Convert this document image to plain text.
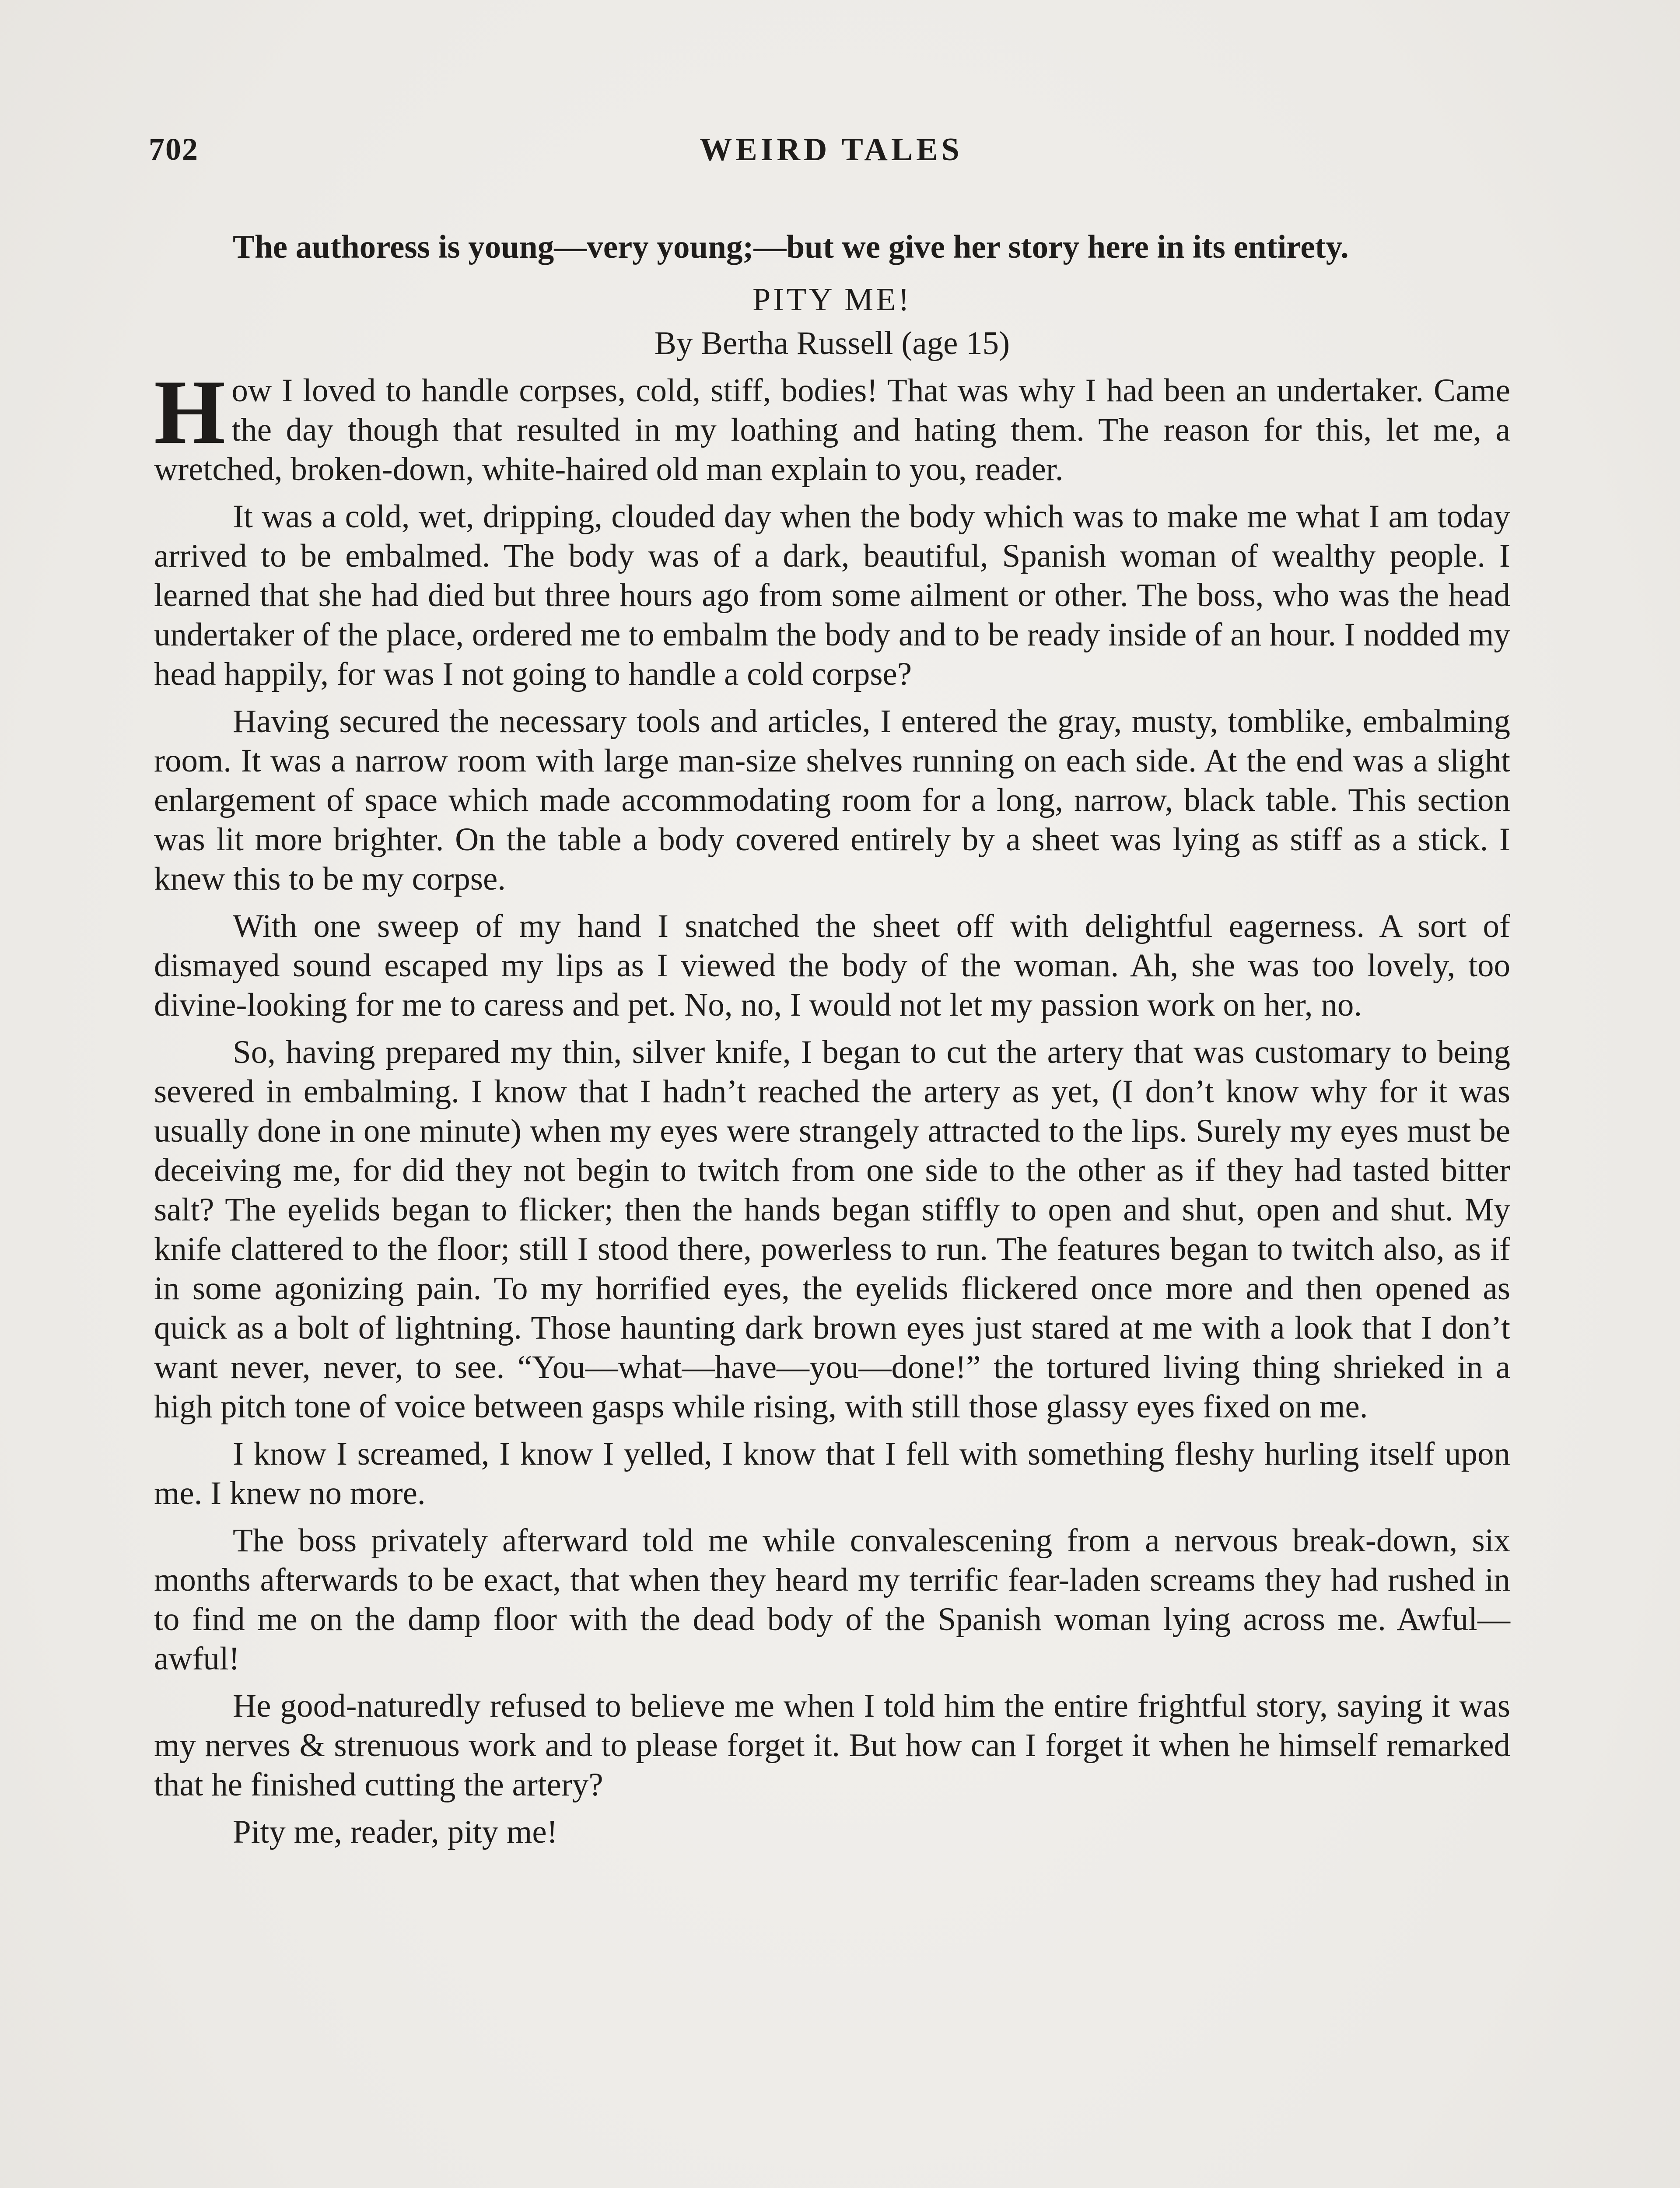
702	WEIRD TALES

The authoress is young—very young;—but we give her story here in its entirety.

PITY ME!
By Bertha Russell (age 15)

How I loved to handle corpses, cold, stiff, bodies! That was why I had been an undertaker. Came the day though that resulted in my loathing and hating them. The reason for this, let me, a wretched, broken-down, white-haired old man explain to you, reader.

It was a cold, wet, dripping, clouded day when the body which was to make me what I am today arrived to be embalmed. The body was of a dark, beautiful, Spanish woman of wealthy people. I learned that she had died but three hours ago from some ailment or other. The boss, who was the head undertaker of the place, ordered me to embalm the body and to be ready inside of an hour. I nodded my head happily, for was I not going to handle a cold corpse?

Having secured the necessary tools and articles, I entered the gray, musty, tomblike, embalming room. It was a narrow room with large man-size shelves running on each side. At the end was a slight enlargement of space which made accommodating room for a long, narrow, black table. This section was lit more brighter. On the table a body covered entirely by a sheet was lying as stiff as a stick. I knew this to be my corpse.

With one sweep of my hand I snatched the sheet off with delightful eagerness. A sort of dismayed sound escaped my lips as I viewed the body of the woman. Ah, she was too lovely, too divine-looking for me to caress and pet. No, no, I would not let my passion work on her, no.

So, having prepared my thin, silver knife, I began to cut the artery that was customary to being severed in embalming. I know that I hadn’t reached the artery as yet, (I don’t know why for it was usually done in one minute) when my eyes were strangely attracted to the lips. Surely my eyes must be deceiving me, for did they not begin to twitch from one side to the other as if they had tasted bitter salt? The eyelids began to flicker; then the hands began stiffly to open and shut, open and shut. My knife clattered to the floor; still I stood there, powerless to run. The features began to twitch also, as if in some agonizing pain. To my horrified eyes, the eyelids flickered once more and then opened as quick as a bolt of lightning. Those haunting dark brown eyes just stared at me with a look that I don’t want never, never, to see. “You—what—have—you—done!” the tortured living thing shrieked in a high pitch tone of voice between gasps while rising, with still those glassy eyes fixed on me.

I know I screamed, I know I yelled, I know that I fell with something fleshy hurling itself upon me. I knew no more.

The boss privately afterward told me while convalescening from a nervous break-down, six months afterwards to be exact, that when they heard my terrific fear-laden screams they had rushed in to find me on the damp floor with the dead body of the Spanish woman lying across me. Awful—awful!

He good-naturedly refused to believe me when I told him the entire frightful story, saying it was my nerves & strenuous work and to please forget it. But how can I forget it when he himself remarked that he finished cutting the artery?

Pity me, reader, pity me!
